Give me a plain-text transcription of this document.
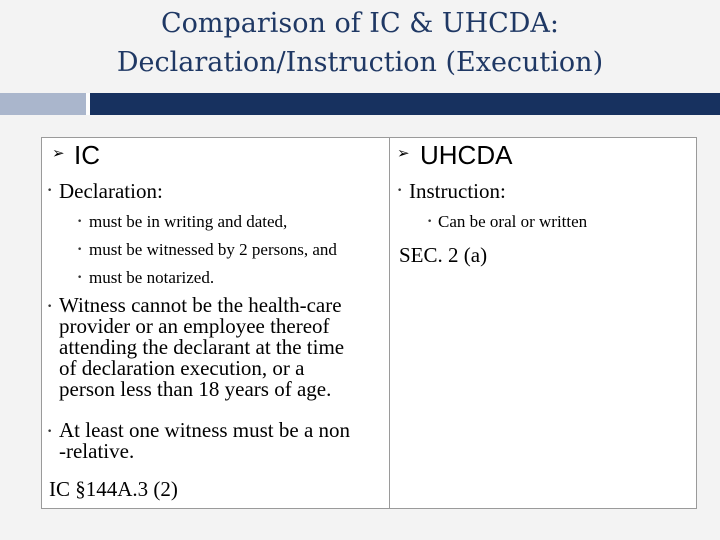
Comparison of IC & UHCDA:
Declaration/Instruction (Execution)
➢ IC
• Declaration:
• must be in writing and dated,
• must be witnessed by 2 persons, and
• must be notarized.
• Witness cannot be the health-care
provider or an employee thereof
attending the declarant at the time
of declaration execution, or a
person less than 18 years of age.
• At least one witness must be a non
-relative.
IC §144A.3 (2)
➢ UHCDA
• Instruction:
• Can be oral or written
SEC. 2 (a)
